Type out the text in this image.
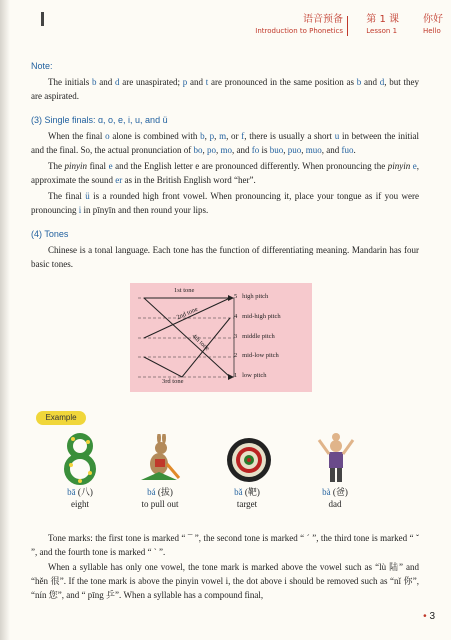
语音预备
Introduction to Phonetics
第 1 课
Lesson 1
你好
Hello

Note:

The initials b and d are unaspirated; p and t are pronounced in the same position as b and d, but they are aspirated.

(3) Single finals: ɑ, o, e, i, u, and ü

When the final o alone is combined with b, p, m, or f, there is usually a short u in between the initial and the final. So, the actual pronunciation of bo, po, mo, and fo is buo, puo, muo, and fuo.

The pinyin final e and the English letter e are pronounced differently. When pronouncing the pinyin e, approximate the sound er as in the British English word “her”.

The final ü is a rounded high front vowel. When pronouncing it, place your tongue as if you were pronouncing i in pīnyīn and then round your lips.

(4) Tones

Chinese is a tonal language. Each tone has the function of differentiating meaning. Mandarin has four basic tones.

1st tone
2nd tone
4th tone
3rd tone
5 high pitch
4 mid-high pitch
3 middle pitch
2 mid-low pitch
1 low pitch
Example
bā (八)
eight
bá (拔)
to pull out
bǎ (靶)
target
bà (爸)
dad

Tone marks: the first tone is marked “ ¯ ”, the second tone is marked “ ˊ ”, the third tone is marked “ ˇ ”, and the fourth tone is marked “ ˋ ”.

When a syllable has only one vowel, the tone mark is marked above the vowel such as “lù 陆” and “hěn 很”. If the tone mark is above the pinyin vowel i, the dot above i should be removed such as “nǐ 你”, “nín 您”, and “ pīng 乒”. When a syllable has a compound final,

• 3
